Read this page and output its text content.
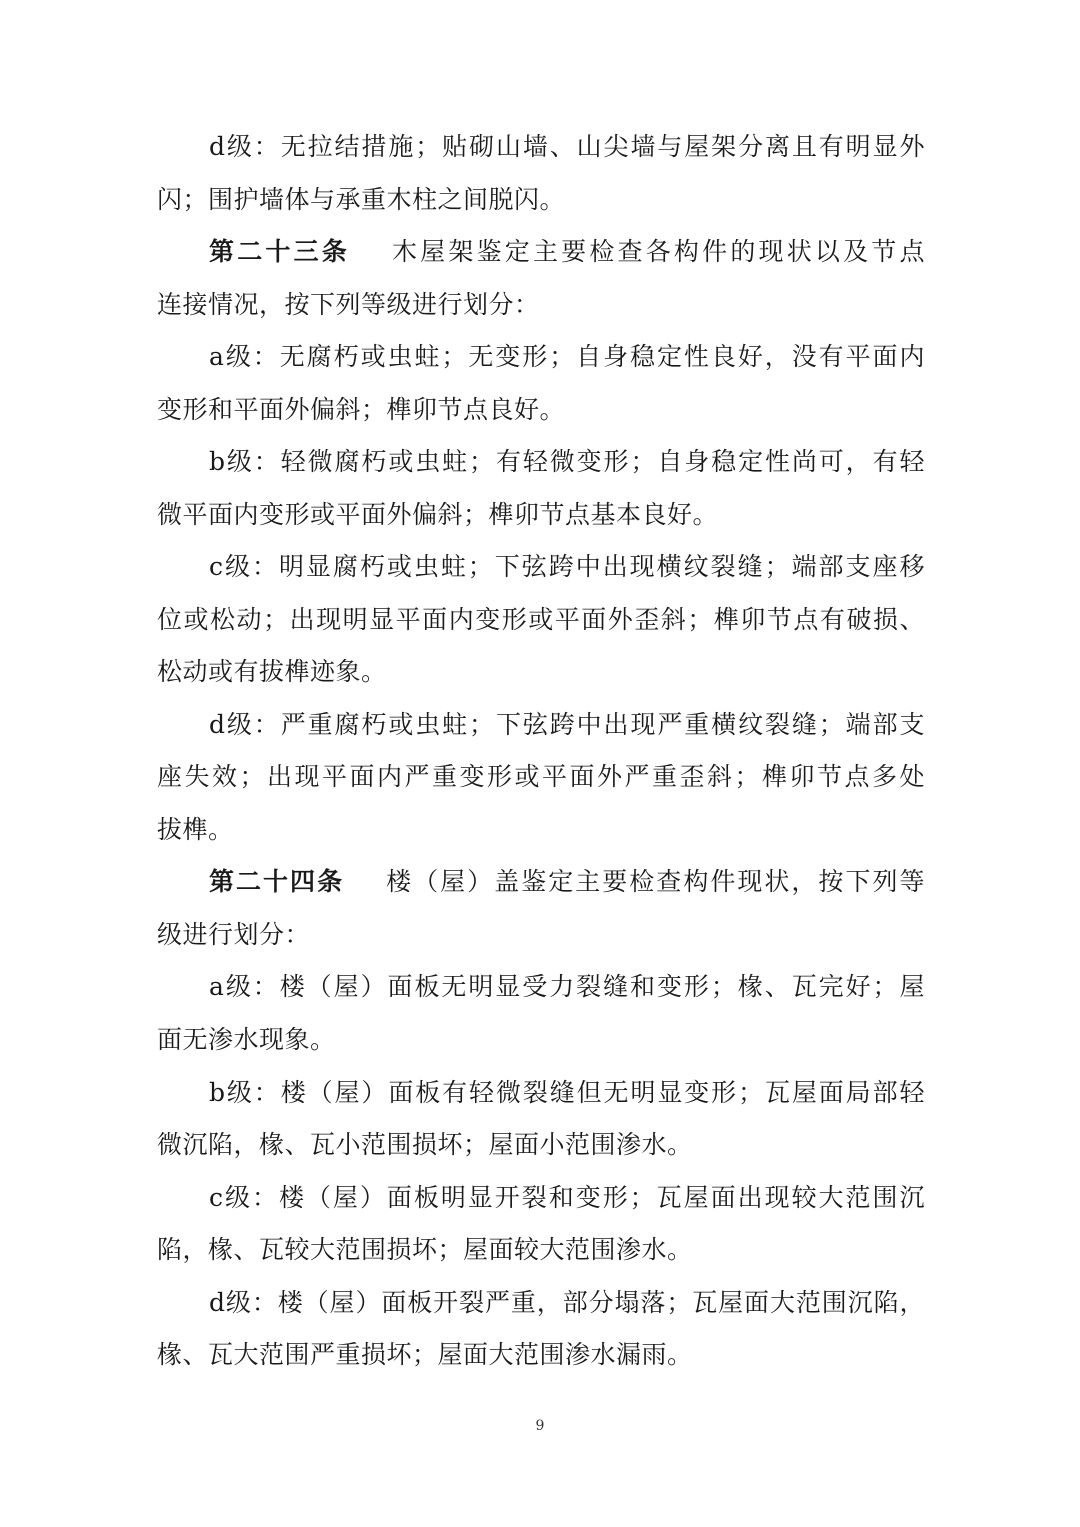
d级：无拉结措施；贴砌山墙、山尖墙与屋架分离且有明显外
闪；围护墙体与承重木柱之间脱闪。
第二十三条 木屋架鉴定主要检查各构件的现状以及节点
连接情况，按下列等级进行划分：
a级：无腐朽或虫蛀；无变形；自身稳定性良好，没有平面内
变形和平面外偏斜；榫卯节点良好。
b级：轻微腐朽或虫蛀；有轻微变形；自身稳定性尚可，有轻
微平面内变形或平面外偏斜；榫卯节点基本良好。
c级：明显腐朽或虫蛀；下弦跨中出现横纹裂缝；端部支座移
位或松动；出现明显平面内变形或平面外歪斜；榫卯节点有破损、
松动或有拔榫迹象。
d级：严重腐朽或虫蛀；下弦跨中出现严重横纹裂缝；端部支
座失效；出现平面内严重变形或平面外严重歪斜；榫卯节点多处
拔榫。
第二十四条 楼（屋）盖鉴定主要检查构件现状，按下列等
级进行划分：
a级：楼（屋）面板无明显受力裂缝和变形；椽、瓦完好；屋
面无渗水现象。
b级：楼（屋）面板有轻微裂缝但无明显变形；瓦屋面局部轻
微沉陷，椽、瓦小范围损坏；屋面小范围渗水。
c级：楼（屋）面板明显开裂和变形；瓦屋面出现较大范围沉
陷，椽、瓦较大范围损坏；屋面较大范围渗水。
d级：楼（屋）面板开裂严重，部分塌落；瓦屋面大范围沉陷，
椽、瓦大范围严重损坏；屋面大范围渗水漏雨。
9
